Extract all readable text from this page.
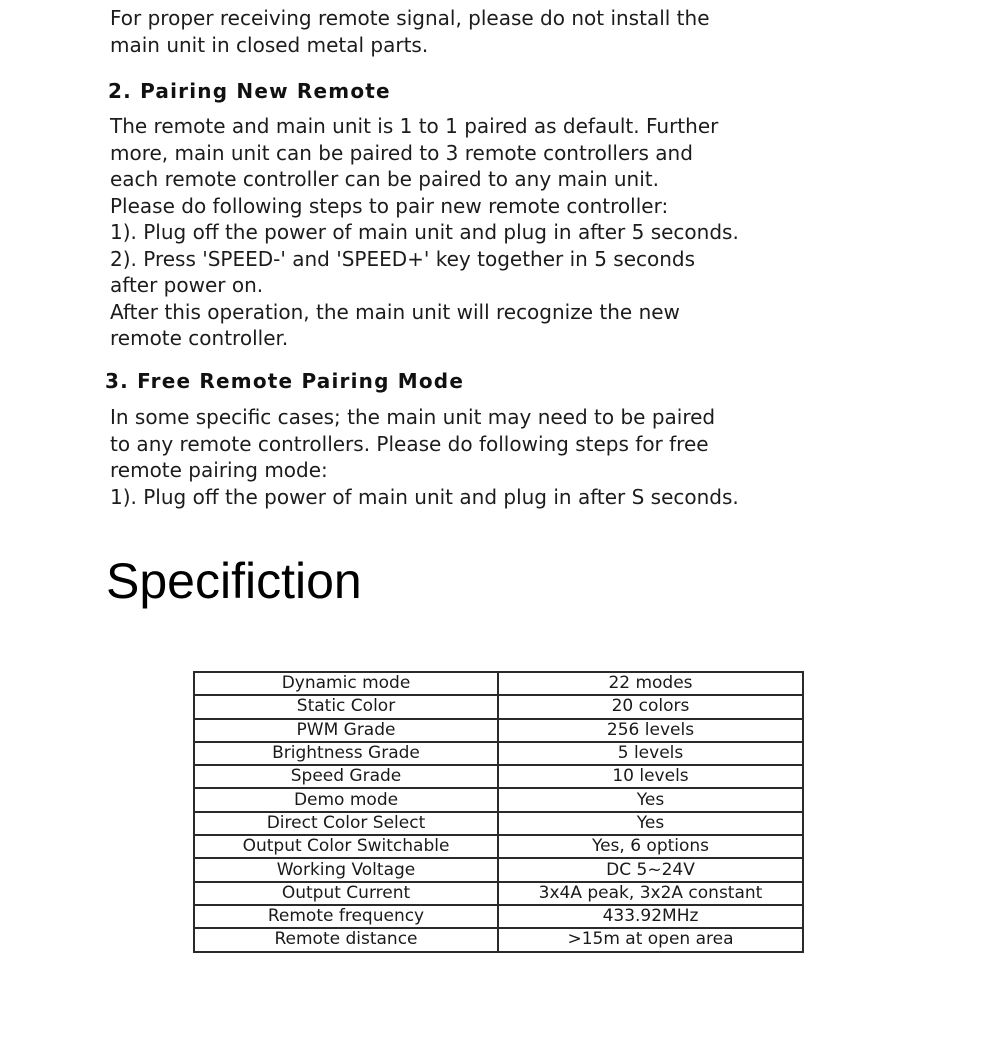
For proper receiving remote signal, please do not install the
main unit in closed metal parts.

2. Pairing New Remote

The remote and main unit is 1 to 1 paired as default. Further
more, main unit can be paired to 3 remote controllers and
each remote controller can be paired to any main unit.
Please do following steps to pair new remote controller:
1). Plug off the power of main unit and plug in after 5 seconds.
2). Press 'SPEED-' and 'SPEED+' key together in 5 seconds
after power on.
After this operation, the main unit will recognize the new
remote controller.

3. Free Remote Pairing Mode

In some specific cases; the main unit may need to be paired
to any remote controllers. Please do following steps for free
remote pairing mode:
1). Plug off the power of main unit and plug in after S seconds.

Specifiction
Dynamic mode	22 modes
Static Color	20 colors
PWM Grade	256 levels
Brightness Grade	5 levels
Speed Grade	10 levels
Demo mode	Yes
Direct Color Select	Yes
Output Color Switchable	Yes, 6 options
Working Voltage	DC 5~24V
Output Current	3x4A peak, 3x2A constant
Remote frequency	433.92MHz
Remote distance	>15m at open area
